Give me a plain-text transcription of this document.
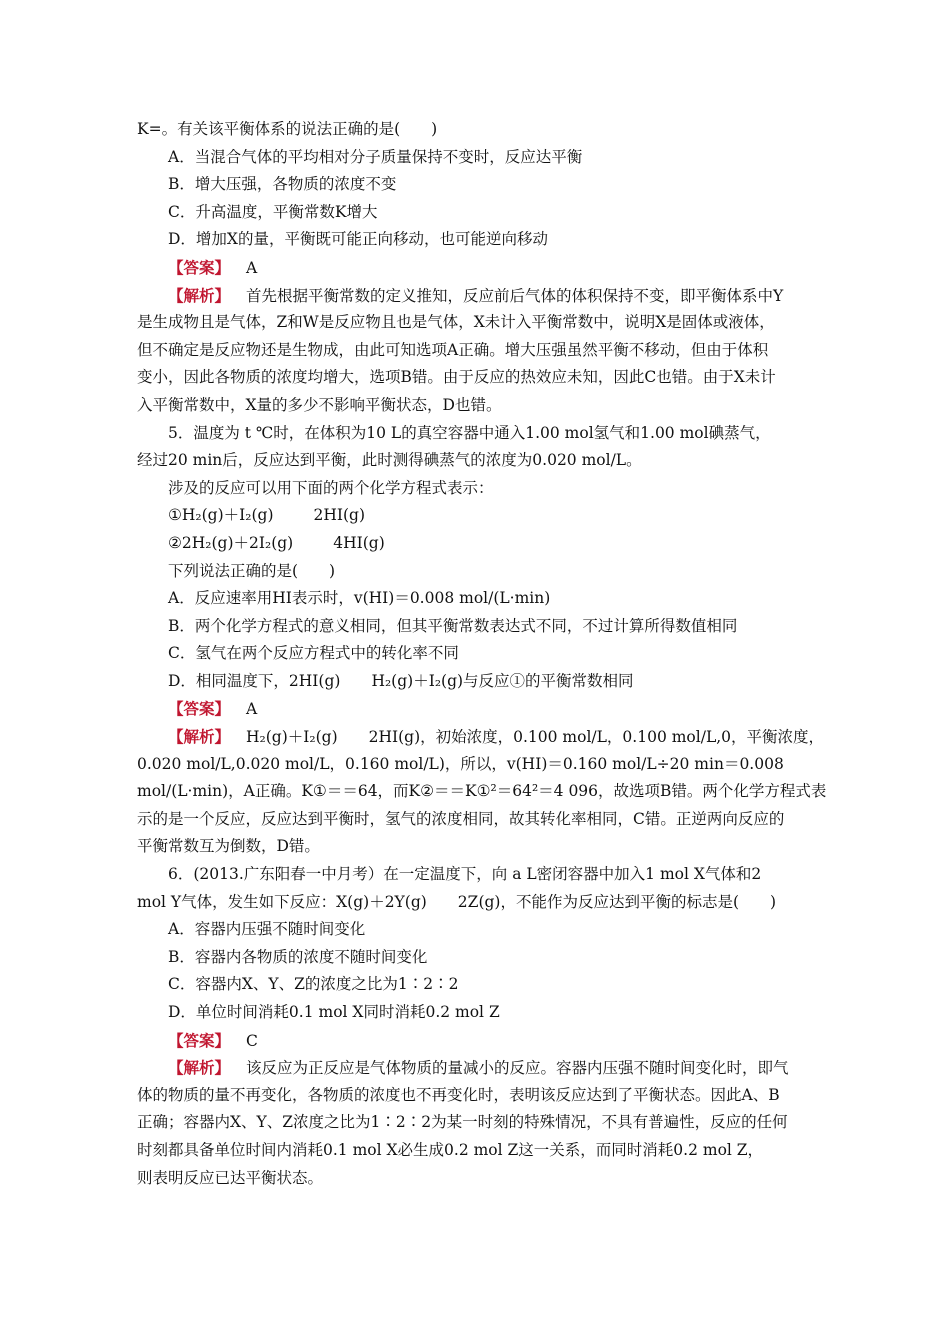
K=。有关该平衡体系的说法正确的是(　　)
A．当混合气体的平均相对分子质量保持不变时，反应达平衡
B．增大压强，各物质的浓度不变
C．升高温度，平衡常数K增大
D．增加X的量，平衡既可能正向移动，也可能逆向移动
【答案】 A
【解析】 首先根据平衡常数的定义推知，反应前后气体的体积保持不变，即平衡体系中Y
是生成物且是气体，Z和W是反应物且也是气体，X未计入平衡常数中，说明X是固体或液体，
但不确定是反应物还是生物成，由此可知选项A正确。增大压强虽然平衡不移动，但由于体积
变小，因此各物质的浓度均增大，选项B错。由于反应的热效应未知，因此C也错。由于X未计
入平衡常数中，X量的多少不影响平衡状态，D也错。
5．温度为 t ℃时，在体积为10 L的真空容器中通入1.00 mol氢气和1.00 mol碘蒸气，
经过20 min后，反应达到平衡，此时测得碘蒸气的浓度为0.020 mol/L。
涉及的反应可以用下面的两个化学方程式表示：
①H₂(g)＋I₂(g)	2HI(g)
②2H₂(g)＋2I₂(g)	4HI(g)
下列说法正确的是(　　)
A．反应速率用HI表示时，v(HI)＝0.008 mol/(L·min)
B．两个化学方程式的意义相同，但其平衡常数表达式不同，不过计算所得数值相同
C．氢气在两个反应方程式中的转化率不同
D．相同温度下，2HI(g)　　H₂(g)＋I₂(g)与反应①的平衡常数相同
【答案】 A
【解析】 H₂(g)＋I₂(g)　　2HI(g)，初始浓度，0.100 mol/L，0.100 mol/L,0，平衡浓度，
0.020 mol/L,0.020 mol/L，0.160 mol/L)，所以，v(HI)＝0.160 mol/L÷20 min＝0.008
mol/(L·min)，A正确。K①＝＝64，而K②＝＝K①²＝64²＝4 096，故选项B错。两个化学方程式表
示的是一个反应，反应达到平衡时，氢气的浓度相同，故其转化率相同，C错。正逆两向反应的
平衡常数互为倒数，D错。
6．(2013.广东阳春一中月考）在一定温度下，向 a L密闭容器中加入1 mol X气体和2
mol Y气体，发生如下反应：X(g)＋2Y(g)　　2Z(g)，不能作为反应达到平衡的标志是(　　)
A．容器内压强不随时间变化
B．容器内各物质的浓度不随时间变化
C．容器内X、Y、Z的浓度之比为1∶2∶2
D．单位时间消耗0.1 mol X同时消耗0.2 mol Z
【答案】 C
【解析】 该反应为正反应是气体物质的量减小的反应。容器内压强不随时间变化时，即气
体的物质的量不再变化，各物质的浓度也不再变化时，表明该反应达到了平衡状态。因此A、B
正确；容器内X、Y、Z浓度之比为1∶2∶2为某一时刻的特殊情况，不具有普遍性，反应的任何
时刻都具备单位时间内消耗0.1 mol X必生成0.2 mol Z这一关系，而同时消耗0.2 mol Z，
则表明反应已达平衡状态。
